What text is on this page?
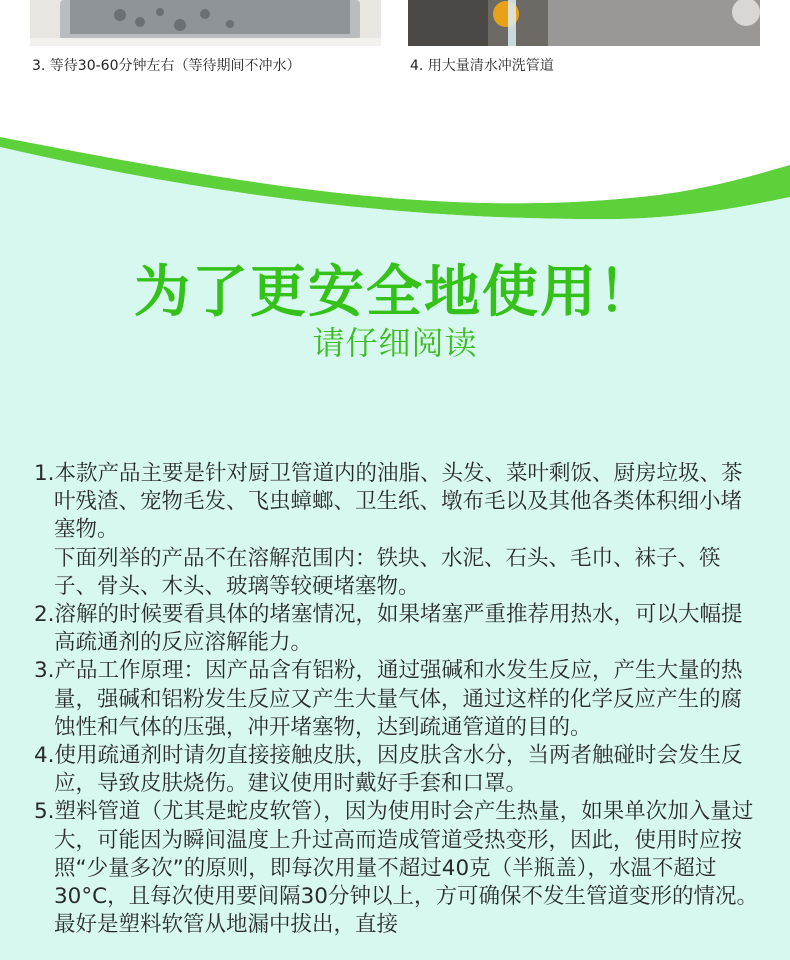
3. 等待30-60分钟左右（等待期间不冲水）	4. 用大量清水冲洗管道
为了更安全地使用！
请仔细阅读

1.本款产品主要是针对厨卫管道内的油脂、头发、菜叶剩饭、厨房垃圾、茶叶残渣、宠物毛发、飞虫蟑螂、卫生纸、墩布毛以及其他各类体积细小堵塞物。

下面列举的产品不在溶解范围内：铁块、水泥、石头、毛巾、袜子、筷子、骨头、木头、玻璃等较硬堵塞物。

2.溶解的时候要看具体的堵塞情况，如果堵塞严重推荐用热水，可以大幅提高疏通剂的反应溶解能力。

3.产品工作原理：因产品含有铝粉，通过强碱和水发生反应，产生大量的热量，强碱和铝粉发生反应又产生大量气体，通过这样的化学反应产生的腐蚀性和气体的压强，冲开堵塞物，达到疏通管道的目的。

4.使用疏通剂时请勿直接接触皮肤，因皮肤含水分，当两者触碰时会发生反应，导致皮肤烧伤。建议使用时戴好手套和口罩。

5.塑料管道（尤其是蛇皮软管），因为使用时会产生热量，如果单次加入量过大，可能因为瞬间温度上升过高而造成管道受热变形，因此，使用时应按照“少量多次”的原则，即每次用量不超过40克（半瓶盖），水温不超过30°C，且每次使用要间隔30分钟以上，方可确保不发生管道变形的情况。最好是塑料软管从地漏中拔出，直接
